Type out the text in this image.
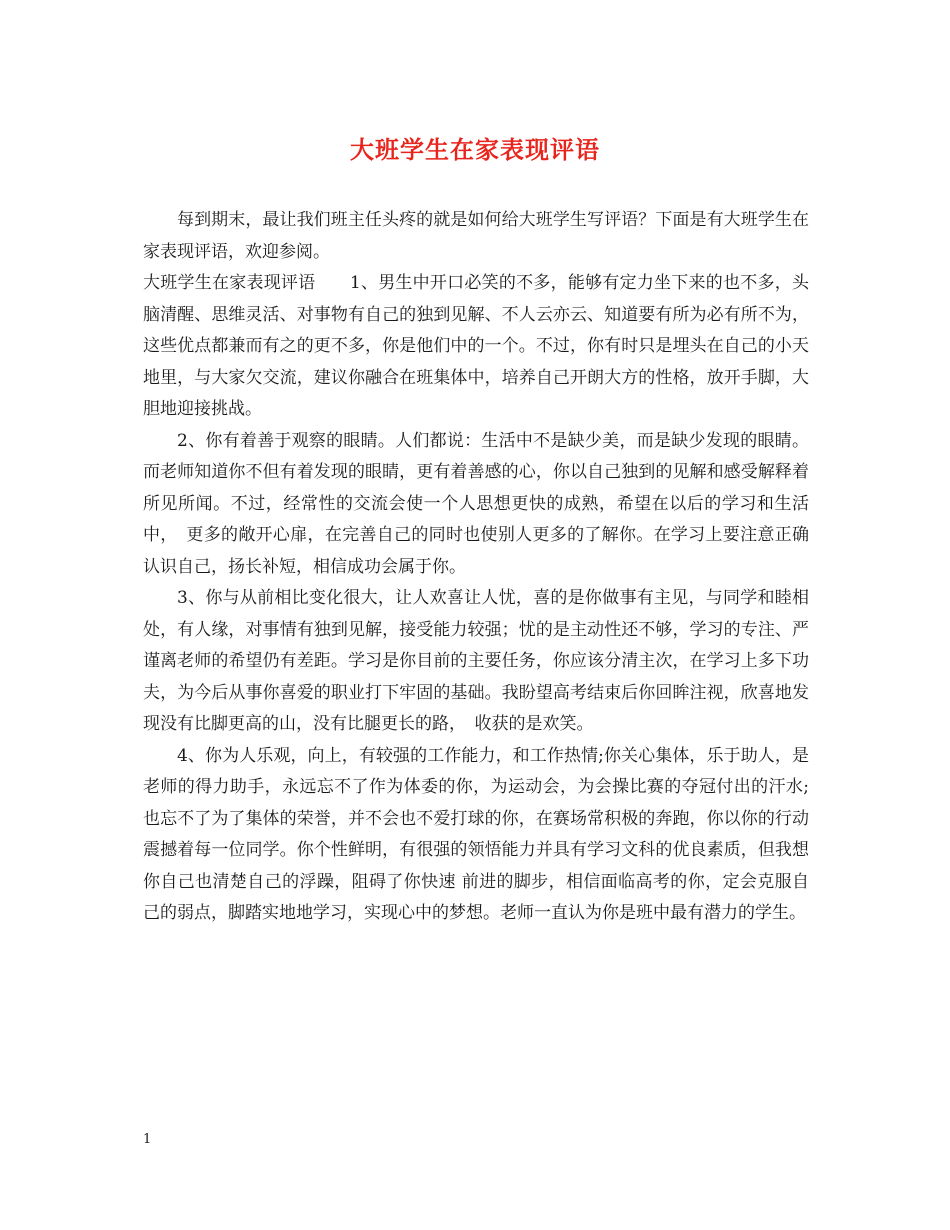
大班学生在家表现评语

每到期末，最让我们班主任头疼的就是如何给大班学生写评语？下面是有大班学生在家表现评语，欢迎参阅。

大班学生在家表现评语　　1、男生中开口必笑的不多，能够有定力坐下来的也不多，头脑清醒、思维灵活、对事物有自己的独到见解、不人云亦云、知道要有所为必有所不为，这些优点都兼而有之的更不多，你是他们中的一个。不过，你有时只是埋头在自己的小天地里，与大家欠交流，建议你融合在班集体中，培养自己开朗大方的性格，放开手脚，大胆地迎接挑战。

2、你有着善于观察的眼睛。人们都说：生活中不是缺少美，而是缺少发现的眼睛。而老师知道你不但有着发现的眼睛，更有着善感的心，你以自己独到的见解和感受解释着所见所闻。不过，经常性的交流会使一个人思想更快的成熟，希望在以后的学习和生活中，　更多的敞开心扉，在完善自己的同时也使别人更多的了解你。在学习上要注意正确认识自己，扬长补短，相信成功会属于你。

3、你与从前相比变化很大，让人欢喜让人忧，喜的是你做事有主见，与同学和睦相处，有人缘，对事情有独到见解，接受能力较强；忧的是主动性还不够，学习的专注、严谨离老师的希望仍有差距。学习是你目前的主要任务，你应该分清主次，在学习上多下功夫，为今后从事你喜爱的职业打下牢固的基础。我盼望高考结束后你回眸注视，欣喜地发现没有比脚更高的山，没有比腿更长的路，　收获的是欢笑。

4、你为人乐观，向上，有较强的工作能力，和工作热情;你关心集体，乐于助人，是老师的得力助手，永远忘不了作为体委的你，为运动会，为会操比赛的夺冠付出的汗水;也忘不了为了集体的荣誉，并不会也不爱打球的你，在赛场常积极的奔跑，你以你的行动 震撼着每一位同学。你个性鲜明，有很强的领悟能力并具有学习文科的优良素质，但我想你自己也清楚自己的浮躁，阻碍了你快速 前进的脚步，相信面临高考的你，定会克服自己的弱点，脚踏实地地学习，实现心中的梦想。老师一直认为你是班中最有潜力的学生。

1
